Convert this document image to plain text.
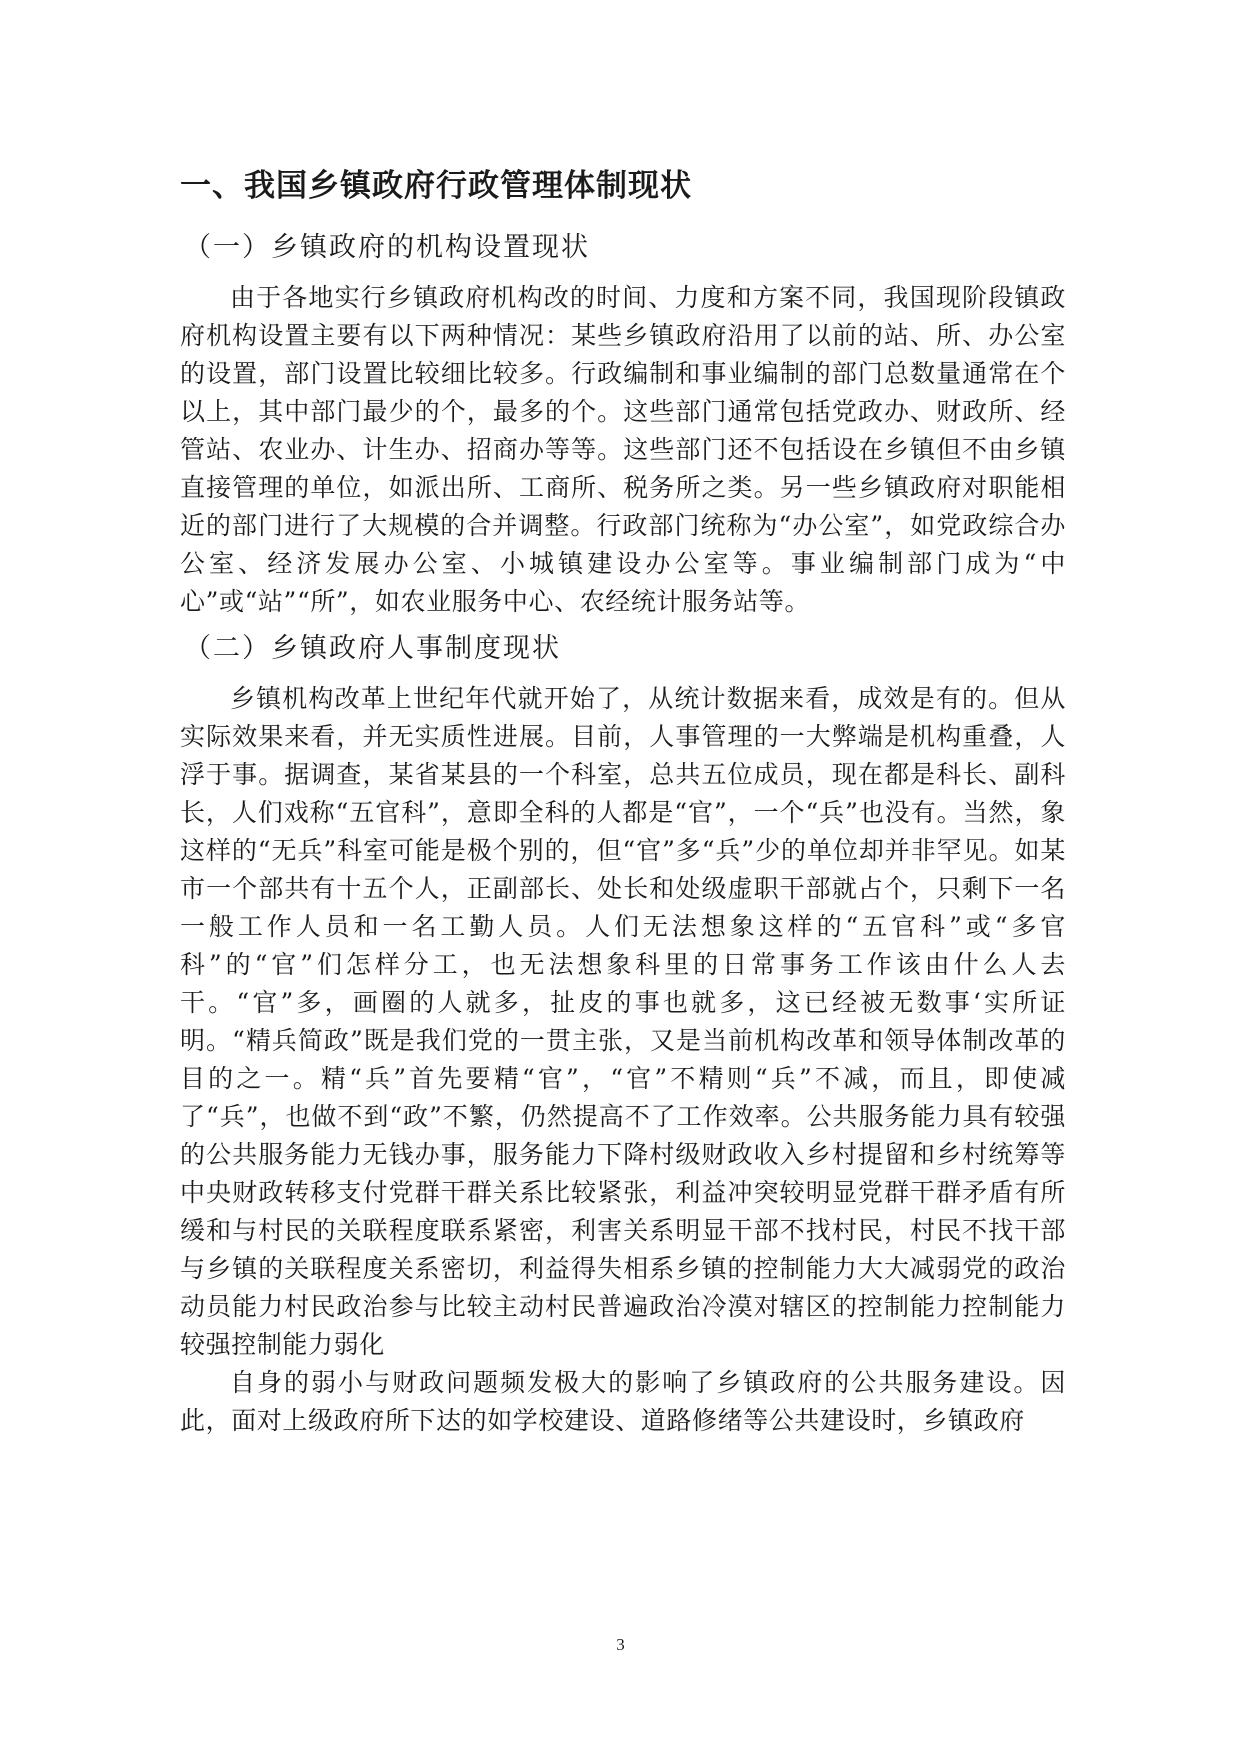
一、我国乡镇政府行政管理体制现状
（一）乡镇政府的机构设置现状

由于各地实行乡镇政府机构改的时间、力度和方案不同，我国现阶段镇政府机构设置主要有以下两种情况：某些乡镇政府沿用了以前的站、所、办公室的设置，部门设置比较细比较多。行政编制和事业编制的部门总数量通常在个以上，其中部门最少的个，最多的个。这些部门通常包括党政办、财政所、经管站、农业办、计生办、招商办等等。这些部门还不包括设在乡镇但不由乡镇直接管理的单位，如派出所、工商所、税务所之类。另一些乡镇政府对职能相近的部门进行了大规模的合并调整。行政部门统称为“办公室”，如党政综合办公室、经济发展办公室、小城镇建设办公室等。事业编制部门成为“中心”或“站”“所”，如农业服务中心、农经统计服务站等。

（二）乡镇政府人事制度现状

乡镇机构改革上世纪年代就开始了，从统计数据来看，成效是有的。但从实际效果来看，并无实质性进展。目前，人事管理的一大弊端是机构重叠，人浮于事。据调查，某省某县的一个科室，总共五位成员，现在都是科长、副科长，人们戏称“五官科”，意即全科的人都是“官”，一个“兵”也没有。当然，象这样的“无兵”科室可能是极个别的，但“官”多“兵”少的单位却并非罕见。如某市一个部共有十五个人，正副部长、处长和处级虚职干部就占个，只剩下一名一般工作人员和一名工勤人员。人们无法想象这样的“五官科”或“多官科”的“官”们怎样分工，也无法想象科里的日常事务工作该由什么人去干。“官”多，画圈的人就多，扯皮的事也就多，这已经被无数事‘实所证明。“精兵简政”既是我们党的一贯主张，又是当前机构改革和领导体制改革的目的之一。精“兵”首先要精“官”，“官”不精则“兵”不减，而且，即使减了“兵”，也做不到“政”不繁，仍然提高不了工作效率。公共服务能力具有较强的公共服务能力无钱办事，服务能力下降村级财政收入乡村提留和乡村统筹等中央财政转移支付党群干群关系比较紧张，利益冲突较明显党群干群矛盾有所缓和与村民的关联程度联系紧密，利害关系明显干部不找村民，村民不找干部与乡镇的关联程度关系密切，利益得失相系乡镇的控制能力大大减弱党的政治动员能力村民政治参与比较主动村民普遍政治冷漠对辖区的控制能力控制能力较强控制能力弱化

自身的弱小与财政问题频发极大的影响了乡镇政府的公共服务建设。因此，面对上级政府所下达的如学校建设、道路修绪等公共建设时，乡镇政府

3
